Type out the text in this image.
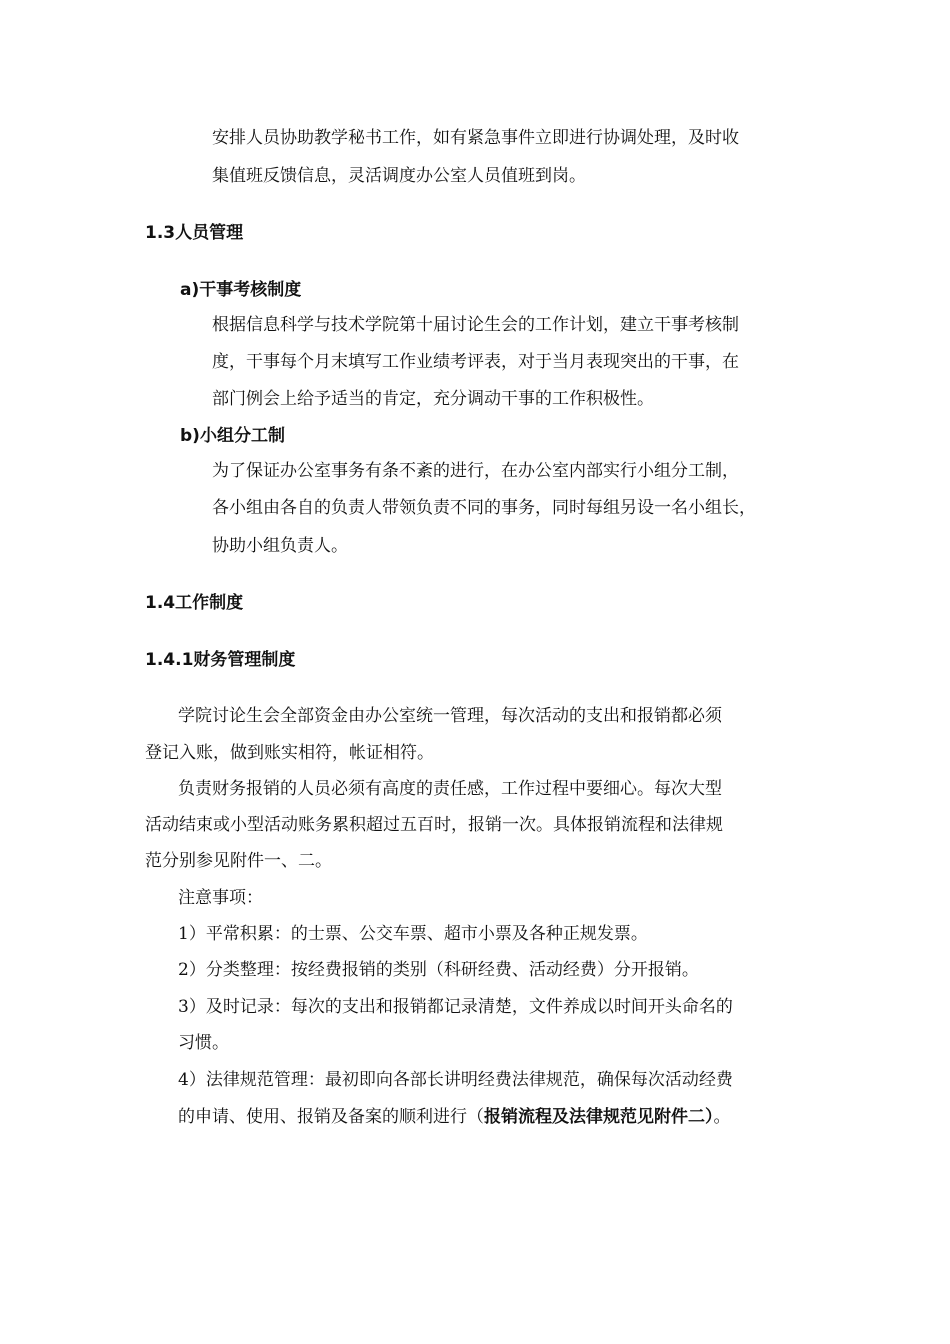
安排人员协助教学秘书工作，如有紧急事件立即进行协调处理，及时收
集值班反馈信息，灵活调度办公室人员值班到岗。
1.3人员管理
a)干事考核制度
根据信息科学与技术学院第十届讨论生会的工作计划，建立干事考核制
度，干事每个月末填写工作业绩考评表，对于当月表现突出的干事，在
部门例会上给予适当的肯定，充分调动干事的工作积极性。
b)小组分工制
为了保证办公室事务有条不紊的进行，在办公室内部实行小组分工制，
各小组由各自的负责人带领负责不同的事务，同时每组另设一名小组长，
协助小组负责人。
1.4工作制度
1.4.1财务管理制度
学院讨论生会全部资金由办公室统一管理，每次活动的支出和报销都必须
登记入账，做到账实相符，帐证相符。
负责财务报销的人员必须有高度的责任感，工作过程中要细心。每次大型
活动结束或小型活动账务累积超过五百时，报销一次。具体报销流程和法律规
范分别参见附件一、二。
注意事项：
1）平常积累：的士票、公交车票、超市小票及各种正规发票。
2）分类整理：按经费报销的类别（科研经费、活动经费）分开报销。
3）及时记录：每次的支出和报销都记录清楚，文件养成以时间开头命名的
习惯。
4）法律规范管理：最初即向各部长讲明经费法律规范，确保每次活动经费
的申请、使用、报销及备案的顺利进行（报销流程及法律规范见附件二）。
